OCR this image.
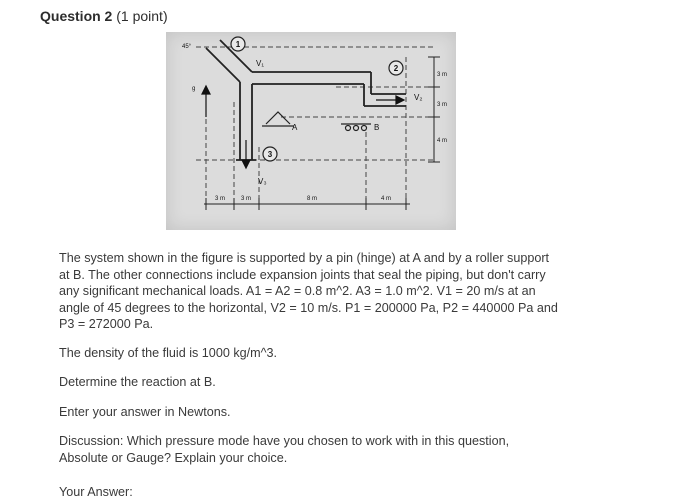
Question 2 (1 point)
1
2
3
V₁
V₂
V₃
A	B
45°
g
3 m
3 m
4 m
3 m	3 m	8 m	4 m
The system shown in the figure is supported by a pin (hinge) at A and by a roller support at B. The other connections include expansion joints that seal the piping, but don't carry any significant mechanical loads. A1 = A2 = 0.8 m^2. A3 = 1.0 m^2. V1 = 20 m/s at an angle of 45 degrees to the horizontal, V2 = 10 m/s. P1 = 200000 Pa, P2 = 440000 Pa and P3 = 272000 Pa.
The density of the fluid is 1000 kg/m^3.
Determine the reaction at B.
Enter your answer in Newtons.
Discussion: Which pressure mode have you chosen to work with in this question, Absolute or Gauge? Explain your choice.
Your Answer:
